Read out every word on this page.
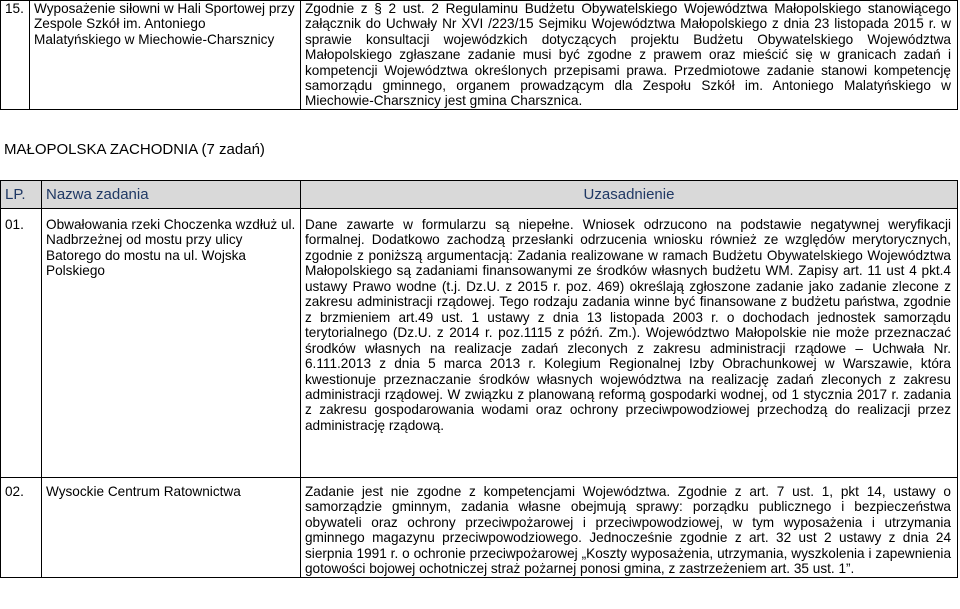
15.	Wyposażenie siłowni w Hali Sportowej przy Zespole Szkół im. Antoniego Malatyńskiego w Miechowie-Charsznicy	Zgodnie z § 2 ust. 2 Regulaminu Budżetu Obywatelskiego Województwa Małopolskiego stanowiącego załącznik do Uchwały Nr XVI /223/15 Sejmiku Województwa Małopolskiego z dnia 23 listopada 2015 r. w sprawie konsultacji wojewódzkich dotyczących projektu Budżetu Obywatelskiego Województwa Małopolskiego zgłaszane zadanie musi być zgodne z prawem oraz mieścić się w granicach zadań i kompetencji Województwa określonych przepisami prawa. Przedmiotowe zadanie stanowi kompetencję samorządu gminnego, organem prowadzącym dla Zespołu Szkół im. Antoniego Malatyńskiego w Miechowie-Charsznicy jest gmina Charsznica.
MAŁOPOLSKA ZACHODNIA (7 zadań)
LP.	Nazwa zadania	Uzasadnienie
01.	Obwałowania rzeki Choczenka wzdłuż ul. Nadbrzeżnej od mostu przy ulicy Batorego do mostu na ul. Wojska Polskiego	Dane zawarte w formularzu są niepełne. Wniosek odrzucono na podstawie negatywnej weryfikacji formalnej. Dodatkowo zachodzą przesłanki odrzucenia wniosku również ze względów merytorycznych, zgodnie z poniższą argumentacją: Zadania realizowane w ramach Budżetu Obywatelskiego Województwa Małopolskiego są zadaniami finansowanymi ze środków własnych budżetu WM. Zapisy art. 11 ust 4 pkt.4 ustawy Prawo wodne (t.j. Dz.U. z 2015 r. poz. 469) określają zgłoszone zadanie jako zadanie zlecone z zakresu administracji rządowej. Tego rodzaju zadania winne być finansowane z budżetu państwa, zgodnie z brzmieniem art.49 ust. 1 ustawy z dnia 13 listopada 2003 r. o dochodach jednostek samorządu terytorialnego (Dz.U. z 2014 r. poz.1115 z późń. Zm.). Województwo Małopolskie nie może przeznaczać środków własnych na realizacje zadań zleconych z zakresu administracji rządowe – Uchwała Nr. 6.111.2013 z dnia 5 marca 2013 r. Kolegium Regionalnej Izby Obrachunkowej w Warszawie, która kwestionuje przeznaczanie środków własnych województwa na realizację zadań zleconych z zakresu administracji rządowej. W związku z planowaną reformą gospodarki wodnej, od 1 stycznia 2017 r. zadania z zakresu gospodarowania wodami oraz ochrony przeciwpowodziowej przechodzą do realizacji przez administrację rządową.
02.	Wysockie Centrum Ratownictwa	Zadanie jest nie zgodne z kompetencjami Województwa. Zgodnie z art. 7 ust. 1, pkt 14, ustawy o samorządzie gminnym, zadania własne obejmują sprawy: porządku publicznego i bezpieczeństwa obywateli oraz ochrony przeciwpożarowej i przeciwpowodziowej, w tym wyposażenia i utrzymania gminnego magazynu przeciwpowodziowego. Jednocześnie zgodnie z art. 32 ust 2 ustawy z dnia 24 sierpnia 1991 r. o ochronie przeciwpożarowej „Koszty wyposażenia, utrzymania, wyszkolenia i zapewnienia gotowości bojowej ochotniczej straż pożarnej ponosi gmina, z zastrzeżeniem art. 35 ust. 1”.
